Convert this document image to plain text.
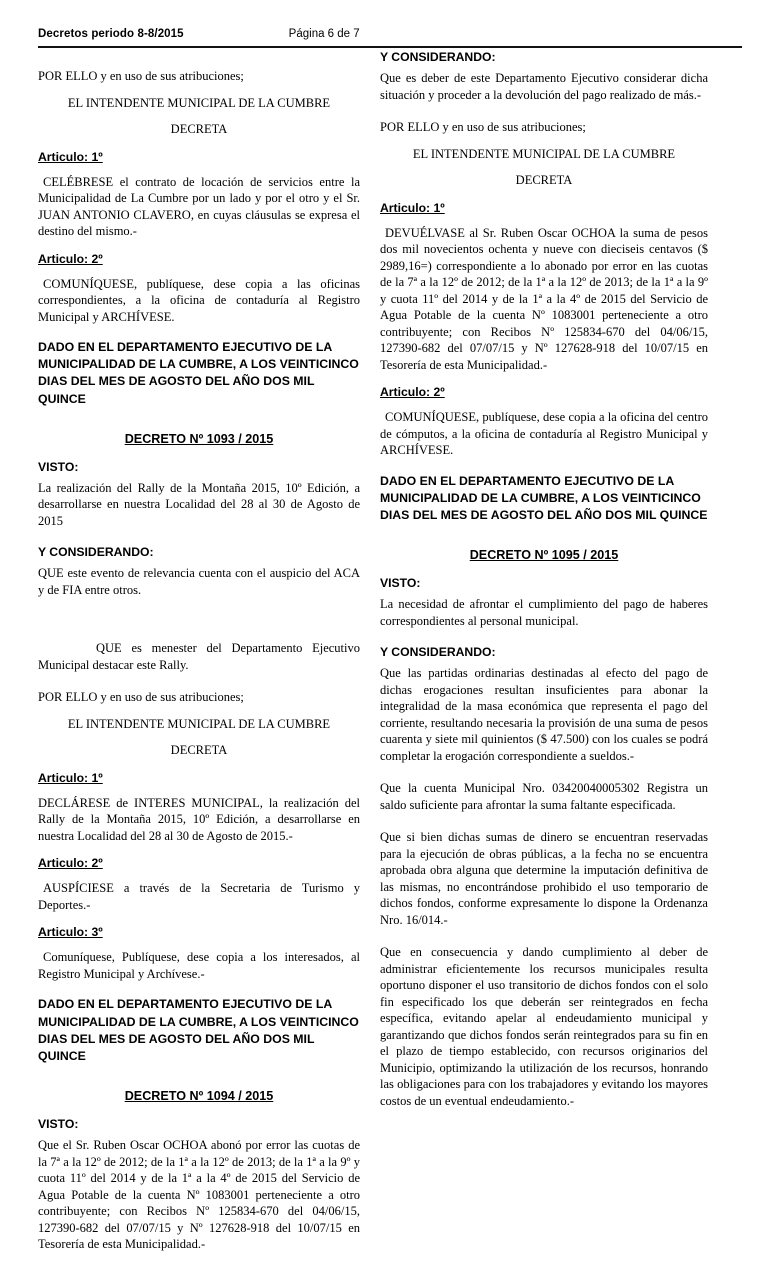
Decretos periodo 8-8/2015	Página 6 de 7

POR ELLO y en uso de sus atribuciones;

EL INTENDENTE MUNICIPAL DE LA CUMBRE

DECRETA

Articulo: 1º

CELÉBRESE el contrato de locación de servicios entre la Municipalidad de La Cumbre por un lado y por el otro y el Sr. JUAN ANTONIO CLAVERO, en cuyas cláusulas se expresa el destino del mismo.-

Articulo: 2º

COMUNÍQUESE, publíquese, dese copia a las oficinas correspondientes, a la oficina de contaduría al Registro Municipal y ARCHÍVESE.

DADO EN EL DEPARTAMENTO EJECUTIVO DE LA MUNICIPALIDAD DE LA CUMBRE, A LOS VEINTICINCO DIAS DEL MES DE AGOSTO DEL AÑO DOS MIL QUINCE

DECRETO Nº 1093 / 2015

VISTO:

La realización del Rally de la Montaña 2015, 10º Edición, a desarrollarse en nuestra Localidad del 28 al 30 de Agosto de 2015

Y CONSIDERANDO:

QUE este evento de relevancia cuenta con el auspicio del ACA y de FIA entre otros.

QUE es menester del Departamento Ejecutivo Municipal destacar este Rally.

POR ELLO y en uso de sus atribuciones;

EL INTENDENTE MUNICIPAL DE LA CUMBRE

DECRETA

Articulo: 1º

DECLÁRESE de INTERES MUNICIPAL, la realización del Rally de la Montaña 2015, 10º Edición, a desarrollarse en nuestra Localidad del 28 al 30 de Agosto de 2015.-

Articulo: 2º

AUSPÍCIESE a través de la Secretaria de Turismo y Deportes.-

Articulo: 3º

Comuníquese, Publíquese, dese copia a los interesados, al Registro Municipal y Archívese.-

DADO EN EL DEPARTAMENTO EJECUTIVO DE LA MUNICIPALIDAD DE LA CUMBRE, A LOS VEINTICINCO DIAS DEL MES DE AGOSTO DEL AÑO DOS MIL QUINCE

DECRETO Nº 1094 / 2015

VISTO:

Que el Sr. Ruben Oscar OCHOA abonó por error las cuotas de la 7ª a la 12º de 2012; de la 1ª a la 12º de 2013; de la 1ª a la 9º y cuota 11º del 2014 y de la 1ª a la 4º de 2015 del Servicio de Agua Potable de la cuenta Nº 1083001 perteneciente a otro contribuyente; con Recibos Nº 125834-670 del 04/06/15, 127390-682 del 07/07/15 y Nº 127628-918 del 10/07/15 en Tesorería de esta Municipalidad.-

Y CONSIDERANDO:

Que es deber de este Departamento Ejecutivo considerar dicha situación y proceder a la devolución del pago realizado de más.-

POR ELLO y en uso de sus atribuciones;

EL INTENDENTE MUNICIPAL DE LA CUMBRE

DECRETA

Articulo: 1º

DEVUÉLVASE al Sr. Ruben Oscar OCHOA la suma de pesos dos mil novecientos ochenta y nueve con dieciseis centavos ($ 2989,16=) correspondiente a lo abonado por error en las cuotas de la 7ª a la 12º de 2012; de la 1ª a la 12º de 2013; de la 1ª a la 9º y cuota 11º del 2014 y de la 1ª a la 4º de 2015 del Servicio de Agua Potable de la cuenta Nº 1083001 perteneciente a otro contribuyente; con Recibos Nº 125834-670 del 04/06/15, 127390-682 del 07/07/15 y Nº 127628-918 del 10/07/15 en Tesorería de esta Municipalidad.-

Articulo: 2º

COMUNÍQUESE, publíquese, dese copia a la oficina del centro de cómputos, a la oficina de contaduría al Registro Municipal y ARCHÍVESE.

DADO EN EL DEPARTAMENTO EJECUTIVO DE LA MUNICIPALIDAD DE LA CUMBRE, A LOS VEINTICINCO DIAS DEL MES DE AGOSTO DEL AÑO DOS MIL QUINCE

DECRETO Nº 1095 / 2015

VISTO:

La necesidad de afrontar el cumplimiento del pago de haberes correspondientes al personal municipal.

Y CONSIDERANDO:

Que las partidas ordinarias destinadas al efecto del pago de dichas erogaciones resultan insuficientes para abonar la integralidad de la masa económica que representa el pago del corriente, resultando necesaria la provisión de una suma de pesos cuarenta y siete mil quinientos ($ 47.500) con los cuales se podrá completar la erogación correspondiente a sueldos.-

Que la cuenta Municipal Nro. 03420040005302 Registra un saldo suficiente para afrontar la suma faltante especificada.

Que si bien dichas sumas de dinero se encuentran reservadas para la ejecución de obras públicas, a la fecha no se encuentra aprobada obra alguna que determine la imputación definitiva de las mismas, no encontrándose prohibido el uso temporario de dichos fondos, conforme expresamente lo dispone la Ordenanza Nro. 16/014.-

Que en consecuencia y dando cumplimiento al deber de administrar eficientemente los recursos municipales resulta oportuno disponer el uso transitorio de dichos fondos con el solo fin especificado los que deberán ser reintegrados en fecha específica, evitando apelar al endeudamiento municipal y garantizando que dichos fondos serán reintegrados para su fin en el plazo de tiempo establecido, con recursos originarios del Municipio, optimizando la utilización de los recursos, honrando las obligaciones para con los trabajadores y evitando los mayores costos de un eventual endeudamiento.-
